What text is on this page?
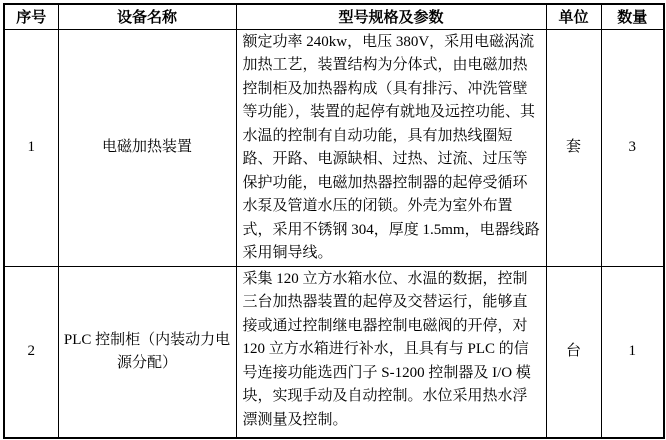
序号	设备名称	型号规格及参数	单位	数量
1	电磁加热装置	额定功率 240kw，电压 380V，采用电磁涡流加热工艺，装置结构为分体式，由电磁加热控制柜及加热器构成（具有排污、冲洗管壁等功能），装置的起停有就地及远控功能、其水温的控制有自动功能，具有加热线圈短路、开路、电源缺相、过热、过流、过压等保护功能，电磁加热器控制器的起停受循环水泵及管道水压的闭锁。外壳为室外布置式，采用不锈钢 304，厚度 1.5mm，电器线路采用铜导线。	套	3
2	PLC 控制柜（内装动力电源分配）	采集 120 立方水箱水位、水温的数据，控制三台加热器装置的起停及交替运行，能够直接或通过控制继电器控制电磁阀的开停，对 120 立方水箱进行补水，且具有与 PLC 的信号连接功能选西门子 S-1200 控制器及 I/O 模块，实现手动及自动控制。水位采用热水浮漂测量及控制。	台	1
